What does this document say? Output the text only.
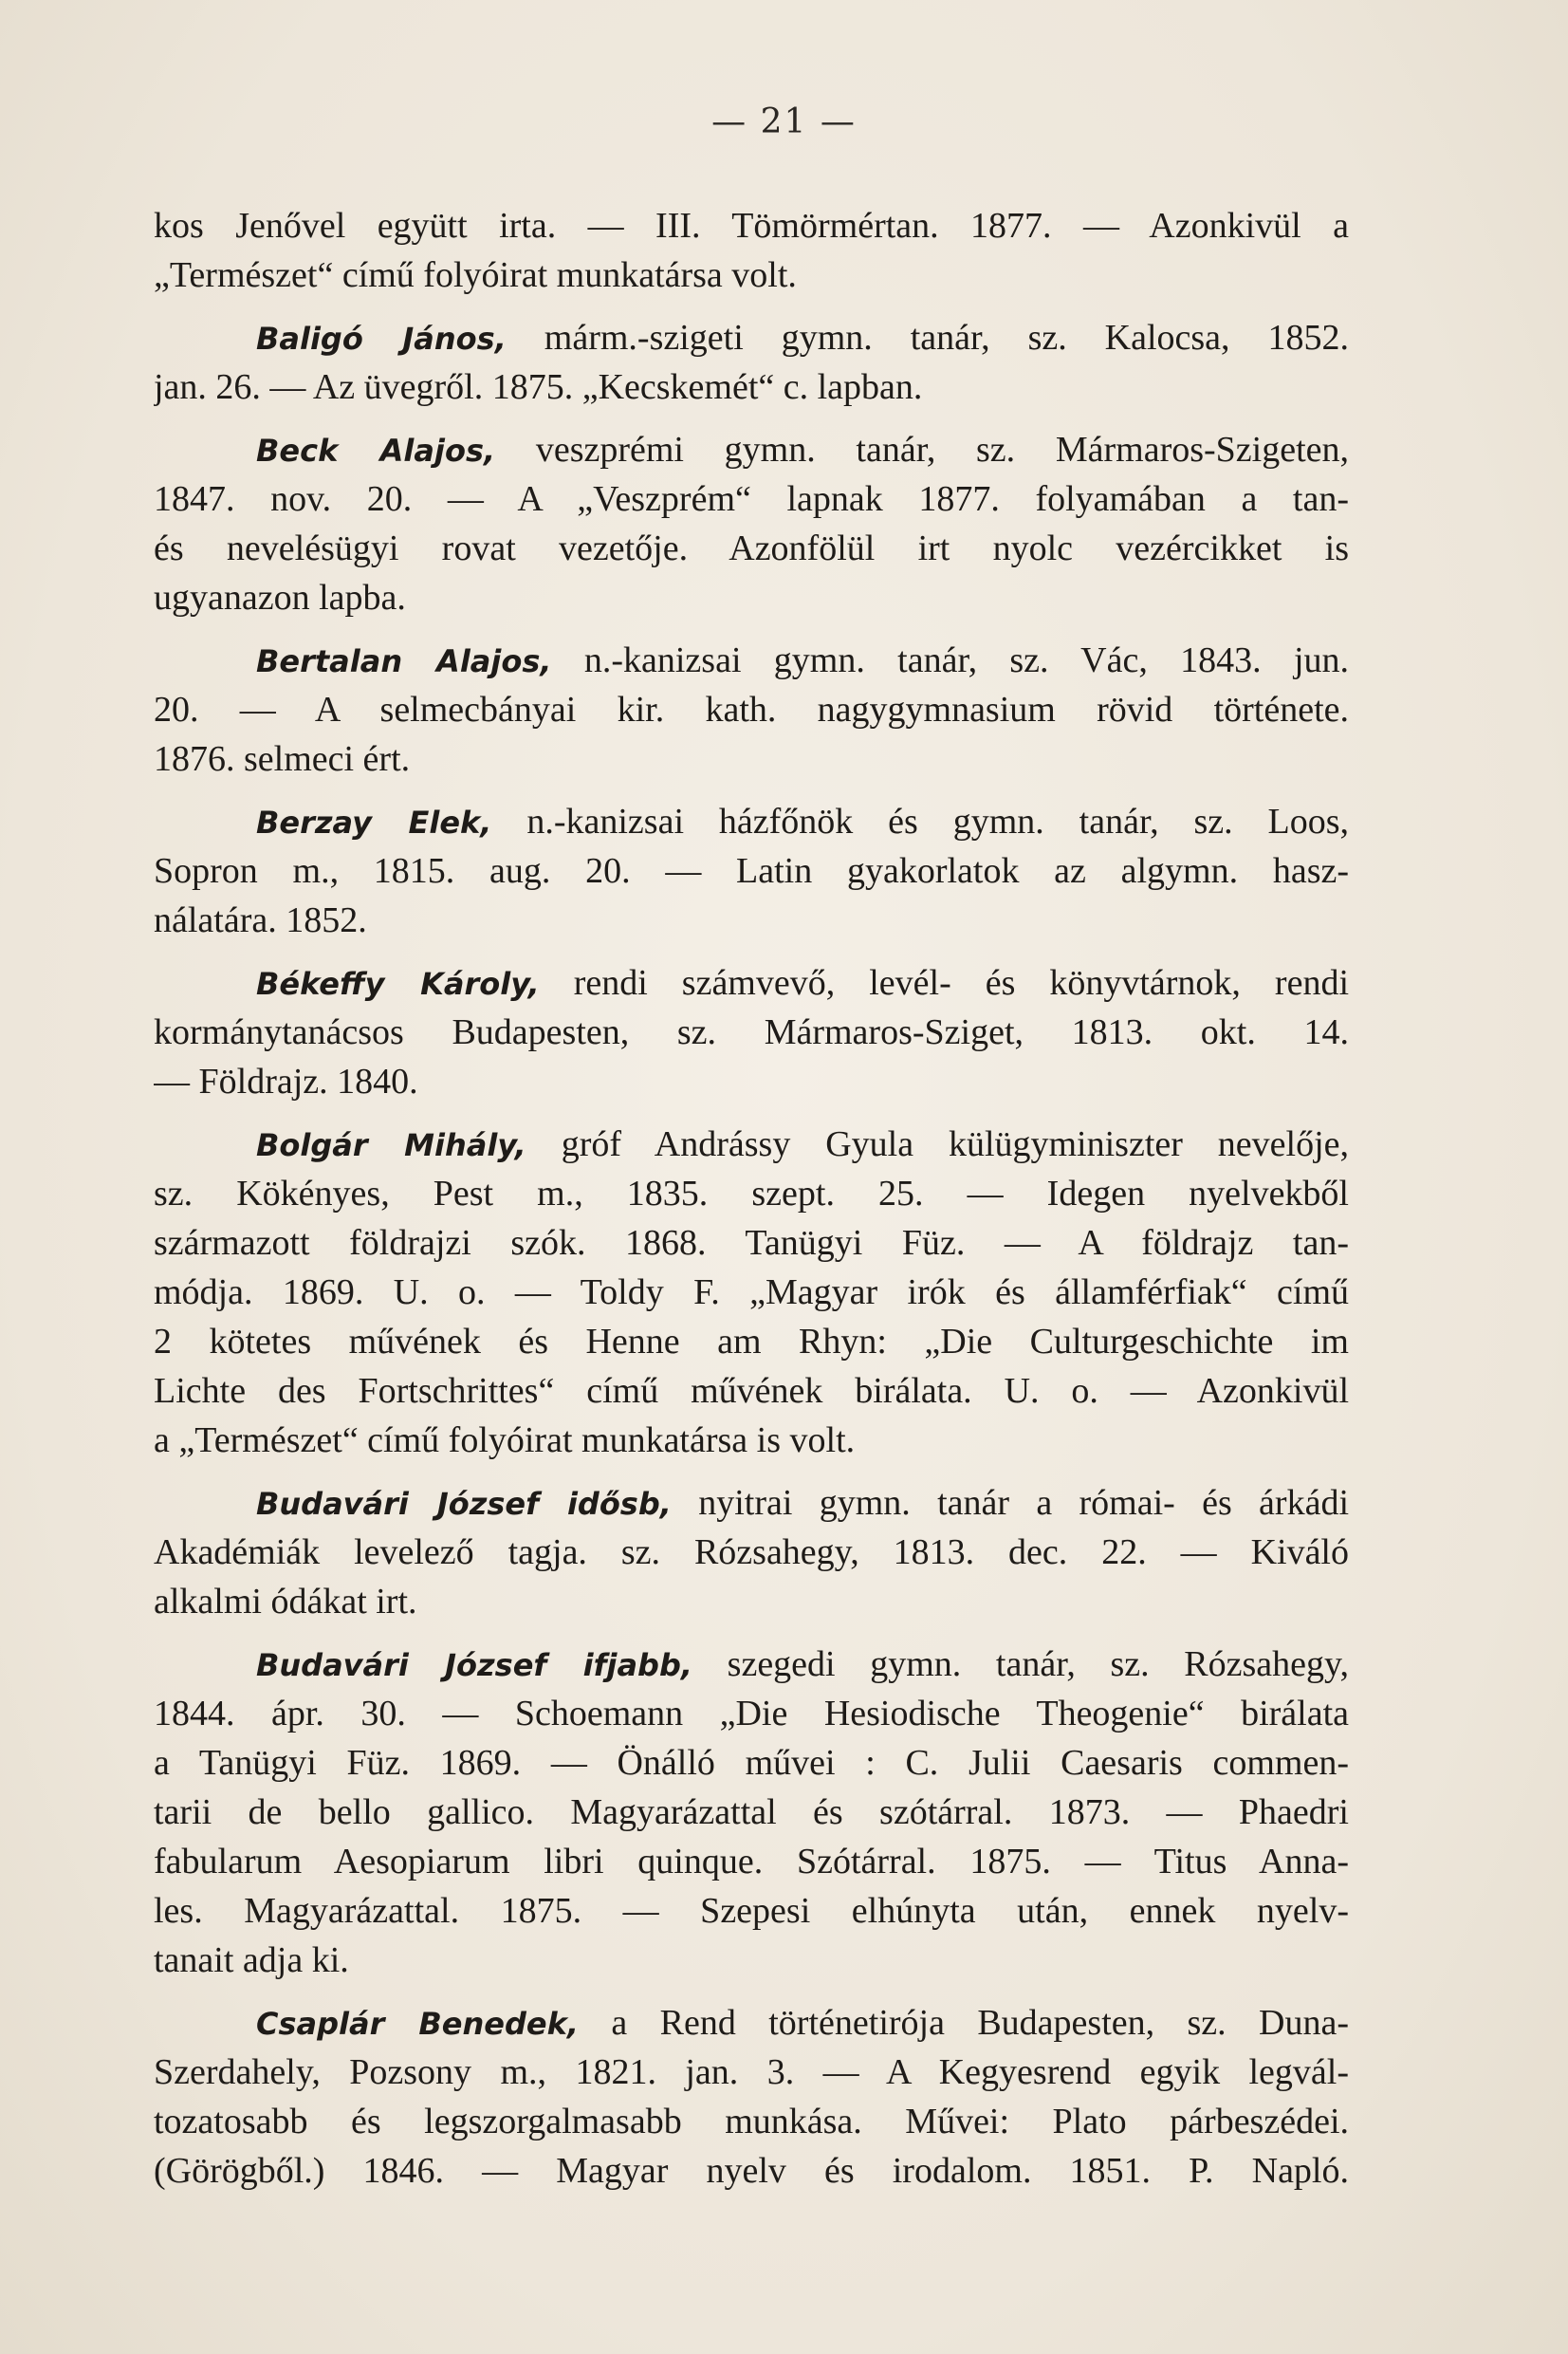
— 21 —
kos Jenővel együtt irta. — III. Tömörmértan. 1877. — Azonkivül a
„Természet“ című folyóirat munkatársa volt.
Baligó János, márm.-szigeti gymn. tanár, sz. Kalocsa, 1852.
jan. 26. — Az üvegről. 1875. „Kecskemét“ c. lapban.
Beck Alajos, veszprémi gymn. tanár, sz. Mármaros-Szigeten,
1847. nov. 20. — A „Veszprém“ lapnak 1877. folyamában a tan-
és nevelésügyi rovat vezetője. Azonfölül irt nyolc vezércikket is
ugyanazon lapba.
Bertalan Alajos, n.-kanizsai gymn. tanár, sz. Vác, 1843. jun.
20. — A selmecbányai kir. kath. nagygymnasium rövid története.
1876. selmeci ért.
Berzay Elek, n.-kanizsai házfőnök és gymn. tanár, sz. Loos,
Sopron m., 1815. aug. 20. — Latin gyakorlatok az algymn. hasz-
nálatára. 1852.
Békeffy Károly, rendi számvevő, levél- és könyvtárnok, rendi
kormánytanácsos Budapesten, sz. Mármaros-Sziget, 1813. okt. 14.
— Földrajz. 1840.
Bolgár Mihály, gróf Andrássy Gyula külügyminiszter nevelője,
sz. Kökényes, Pest m., 1835. szept. 25. — Idegen nyelvekből
származott földrajzi szók. 1868. Tanügyi Füz. — A földrajz tan-
módja. 1869. U. o. — Toldy F. „Magyar irók és államférfiak“ című
2 kötetes művének és Henne am Rhyn: „Die Culturgeschichte im
Lichte des Fortschrittes“ című művének birálata. U. o. — Azonkivül
a „Természet“ című folyóirat munkatársa is volt.
Budavári József idősb, nyitrai gymn. tanár a római- és árkádi
Akadémiák levelező tagja. sz. Rózsahegy, 1813. dec. 22. — Kiváló
alkalmi ódákat irt.
Budavári József ifjabb, szegedi gymn. tanár, sz. Rózsahegy,
1844. ápr. 30. — Schoemann „Die Hesiodische Theogenie“ birálata
a Tanügyi Füz. 1869. — Önálló művei : C. Julii Caesaris commen-
tarii de bello gallico. Magyarázattal és szótárral. 1873. — Phaedri
fabularum Aesopiarum libri quinque. Szótárral. 1875. — Titus Anna-
les. Magyarázattal. 1875. — Szepesi elhúnyta után, ennek nyelv-
tanait adja ki.
Csaplár Benedek, a Rend történetirója Budapesten, sz. Duna-
Szerdahely, Pozsony m., 1821. jan. 3. — A Kegyesrend egyik legvál-
tozatosabb és legszorgalmasabb munkása. Művei: Plato párbeszédei.
(Görögből.) 1846. — Magyar nyelv és irodalom. 1851. P. Napló.
